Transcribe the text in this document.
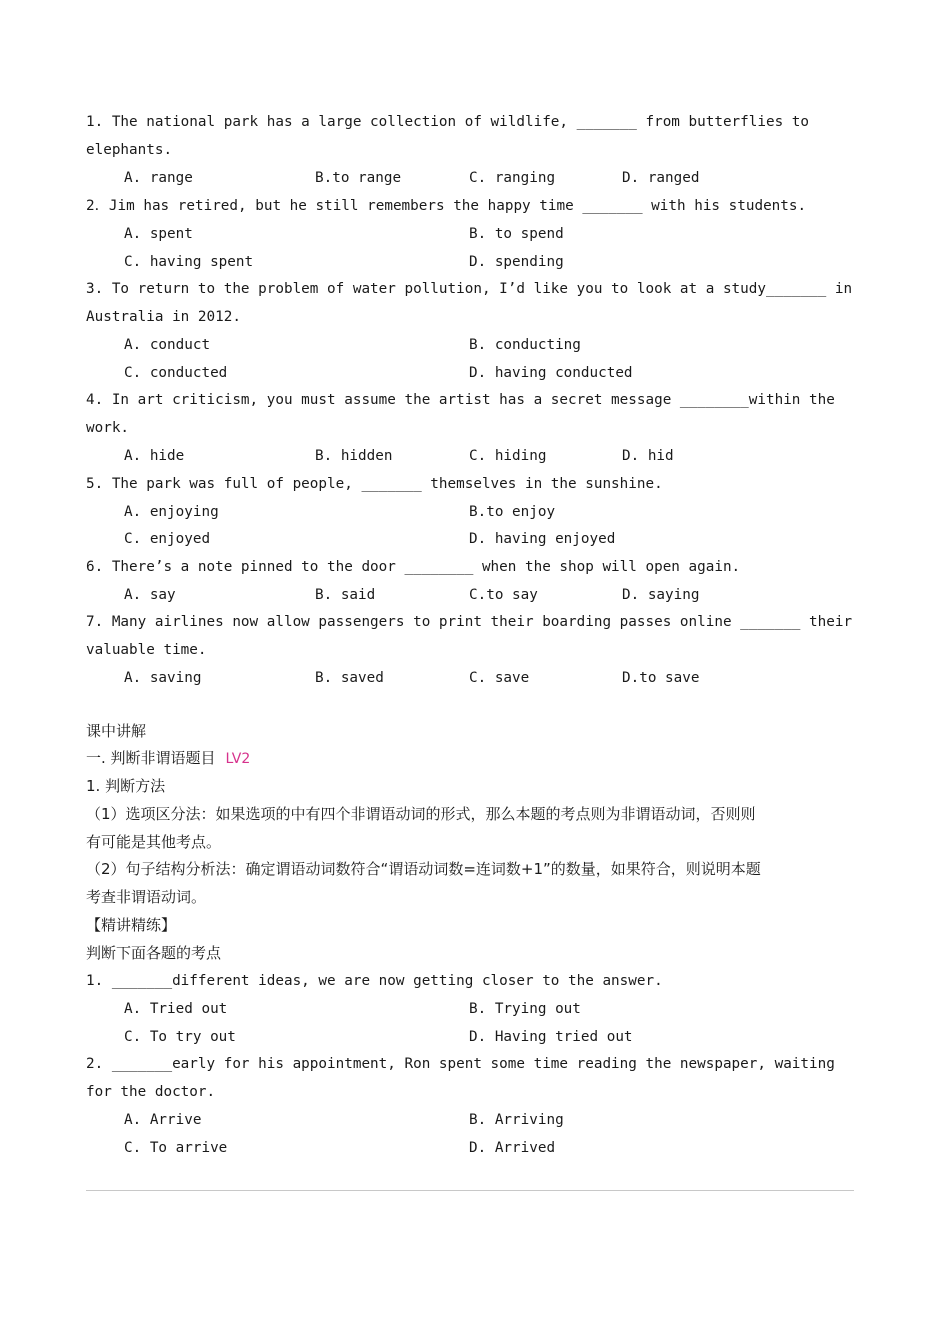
1. The national park has a large collection of wildlife, _______ from butterflies to
elephants.
A. range	B.to range	C. ranging	D. ranged
2．Jim has retired, but he still remembers the happy time _______ with his students.
A. spent	B. to spend
C. having spent	D. spending
3. To return to the problem of water pollution, I’d like you to look at a study_______ in
Australia in 2012.
A. conduct	B. conducting
C. conducted	D. having conducted
4. In art criticism, you must assume the artist has a secret message ________within the
work.
A. hide	B. hidden	C. hiding	D. hid
5. The park was full of people, _______ themselves in the sunshine.
A. enjoying	B.to enjoy
C. enjoyed	D. having enjoyed
6. There’s a note pinned to the door ________ when the shop will open again.
A. say	B. said	C.to say	D. saying
7. Many airlines now allow passengers to print their boarding passes online _______ their
valuable time.
A. saving	B. saved	C. save	D.to save
课中讲解
一. 判断非谓语题目 LV2
1. 判断方法
（1）选项区分法：如果选项的中有四个非谓语动词的形式，那么本题的考点则为非谓语动词，否则则
有可能是其他考点。
（2）句子结构分析法：确定谓语动词数符合“谓语动词数=连词数+1”的数量，如果符合，则说明本题
考查非谓语动词。
【精讲精练】
判断下面各题的考点
1. _______different ideas, we are now getting closer to the answer.
A. Tried out	B. Trying out
C. To try out	D. Having tried out
2. _______early for his appointment, Ron spent some time reading the newspaper, waiting
for the doctor.
A. Arrive	B. Arriving
C. To arrive	D. Arrived
